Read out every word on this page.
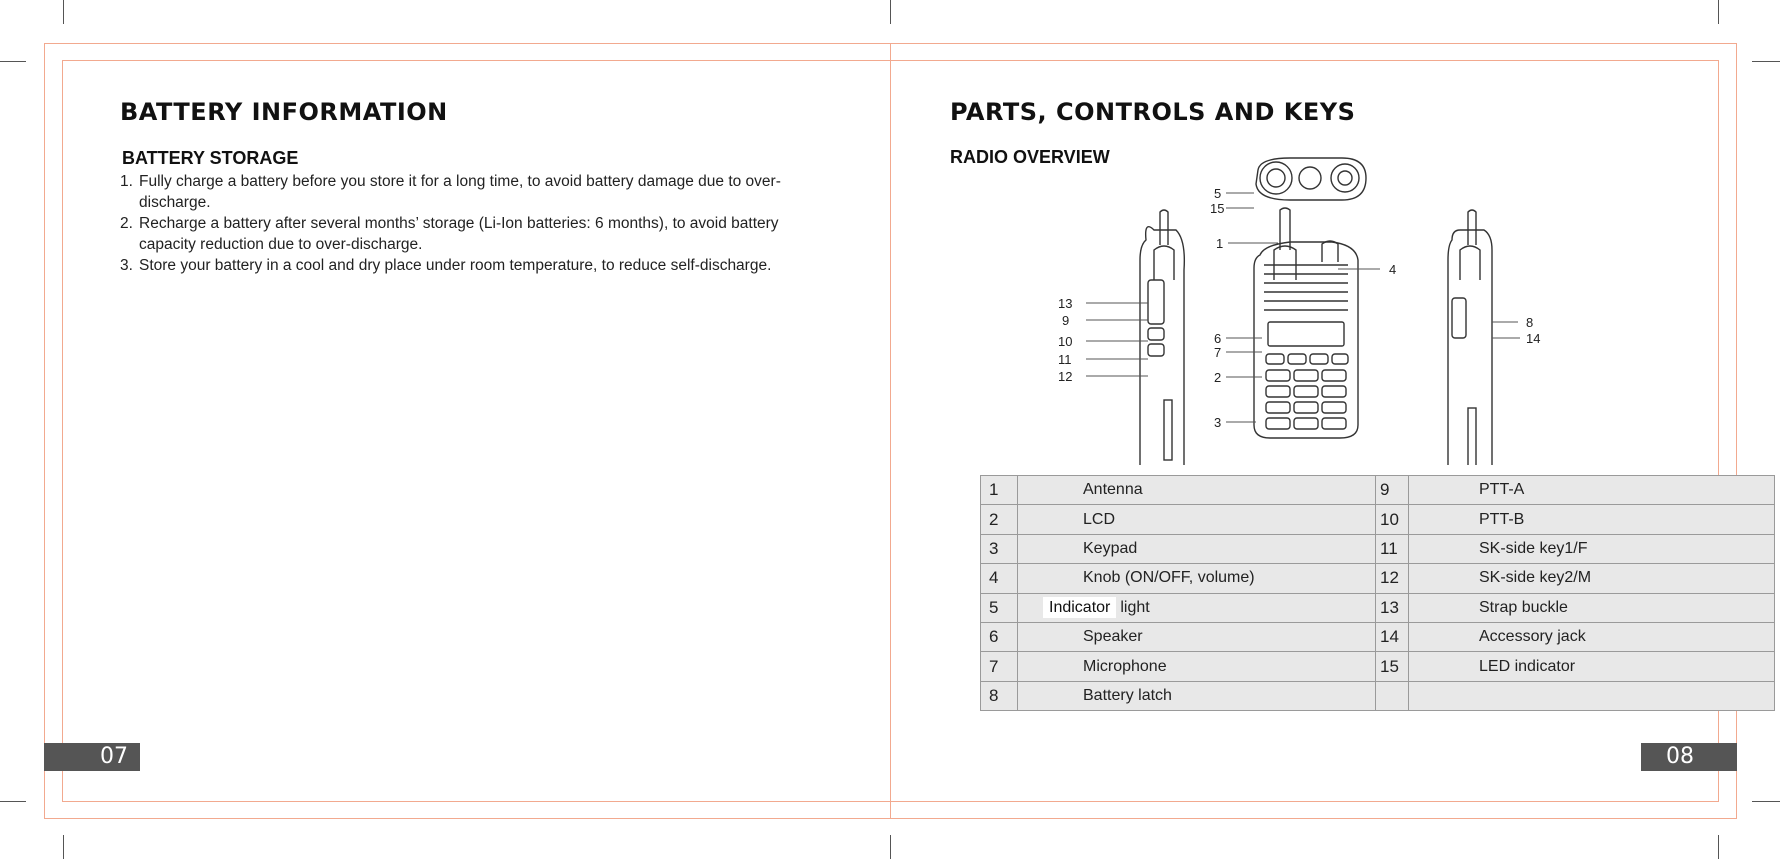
BATTERY INFORMATION
BATTERY STORAGE
1. Fully charge a battery before you store it for a long time, to avoid battery damage due to over-
discharge.
2. Recharge a battery after several months’ storage (Li-Ion batteries: 6 months), to avoid battery
capacity reduction due to over-discharge.
3. Store your battery in a cool and dry place under room temperature, to reduce self-discharge.
07
PARTS, CONTROLS AND KEYS
RADIO OVERVIEW
5
15
1
4
13
9
10
11
12
6
7
2
3
8
14
1	Antenna	9	PTT-A
2	LCD	10	PTT-B
3	Keypad	11	SK-side key1/F
4	Knob (ON/OFF, volume)	12	SK-side key2/M
5	Indicator light	13	Strap buckle
6	Speaker	14	Accessory jack
7	Microphone	15	LED indicator
8	Battery latch		
08
